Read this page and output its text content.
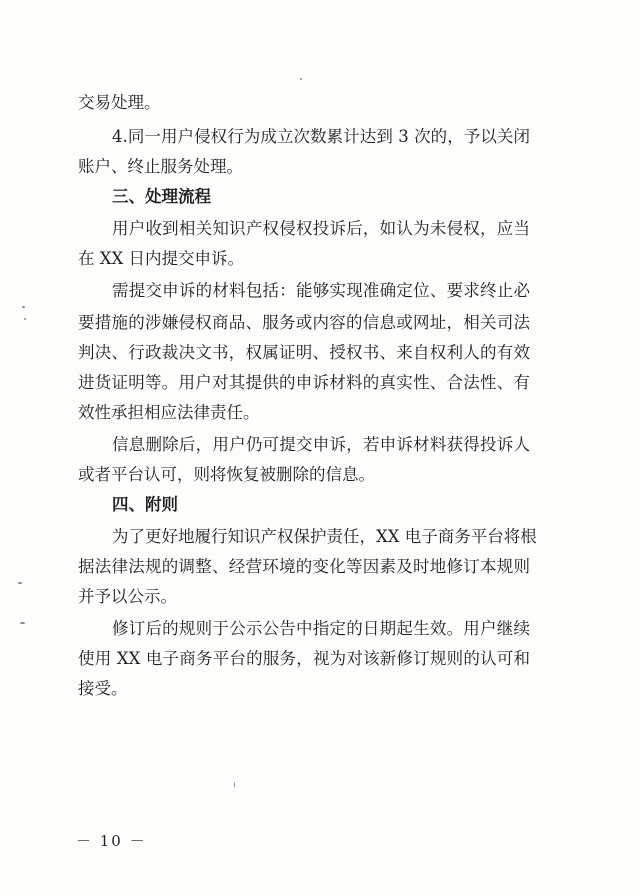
交易处理。
4.同一用户侵权行为成立次数累计达到 3 次的，予以关闭
账户、终止服务处理。
三、处理流程
用户收到相关知识产权侵权投诉后，如认为未侵权，应当
在 XX 日内提交申诉。
需提交申诉的材料包括：能够实现准确定位、要求终止必
要措施的涉嫌侵权商品、服务或内容的信息或网址，相关司法
判决、行政裁决文书，权属证明、授权书、来自权利人的有效
进货证明等。用户对其提供的申诉材料的真实性、合法性、有
效性承担相应法律责任。
信息删除后，用户仍可提交申诉，若申诉材料获得投诉人
或者平台认可，则将恢复被删除的信息。
四、附则
为了更好地履行知识产权保护责任，XX 电子商务平台将根
据法律法规的调整、经营环境的变化等因素及时地修订本规则
并予以公示。
修订后的规则于公示公告中指定的日期起生效。用户继续
使用 XX 电子商务平台的服务，视为对该新修订规则的认可和
接受。
－ 10 －
